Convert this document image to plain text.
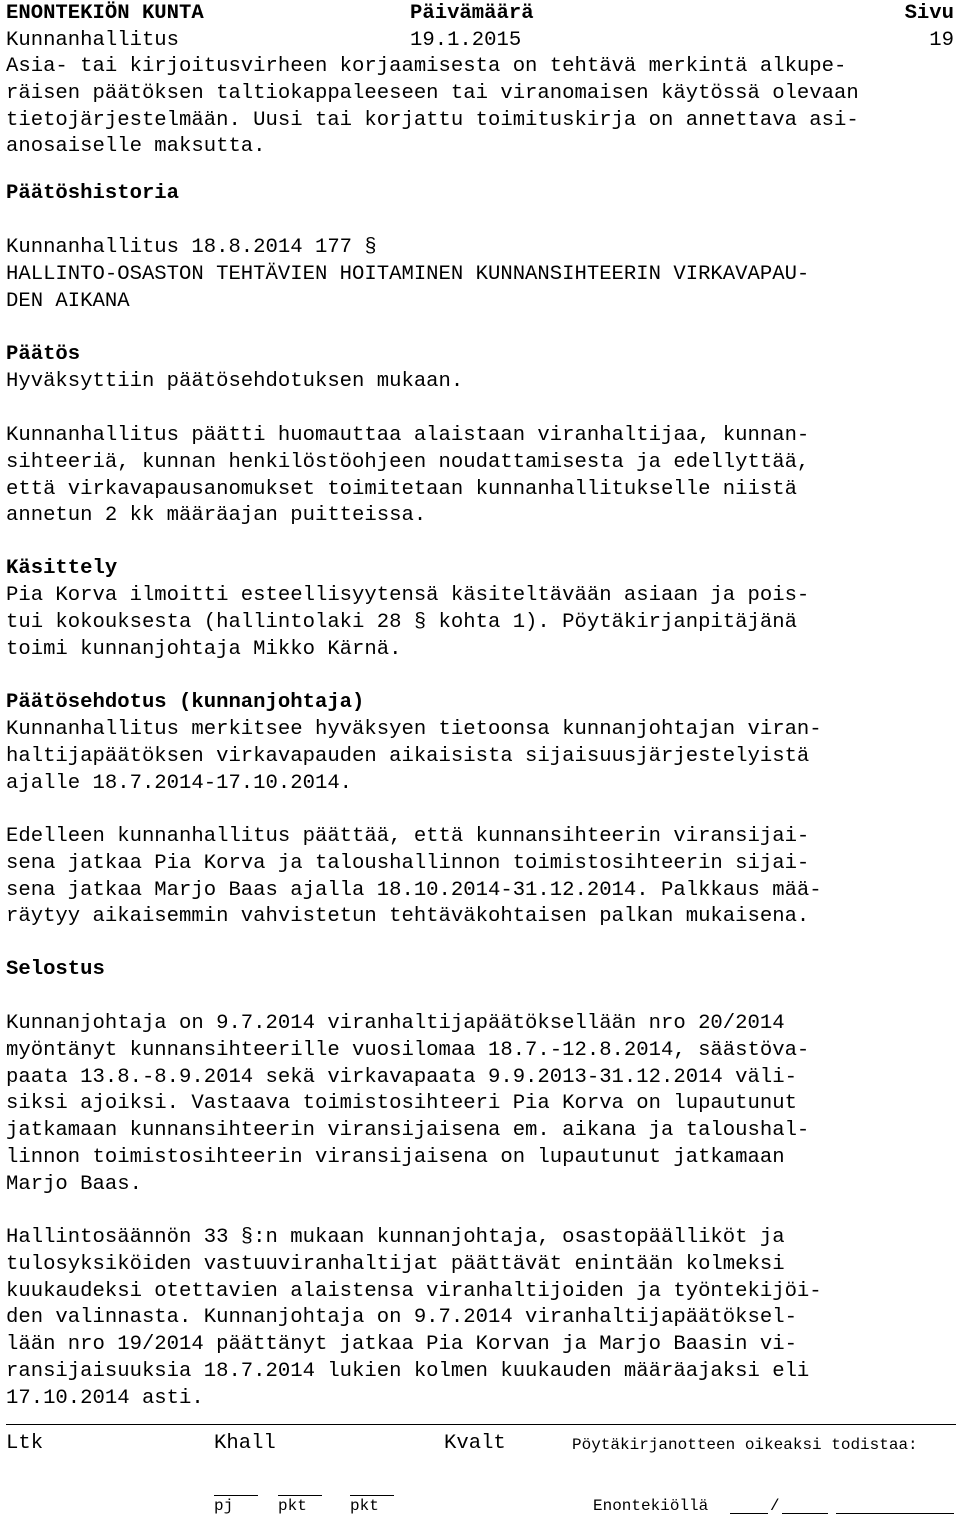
ENONTEKIÖN KUNTA	Päivämäärä	Sivu
Kunnanhallitus	19.1.2015	19
Asia- tai kirjoitusvirheen korjaamisesta on tehtävä merkintä alkupe-
räisen päätöksen taltiokappaleeseen tai viranomaisen käytössä olevaan
tietojärjestelmään. Uusi tai korjattu toimituskirja on annettava asi-
anosaiselle maksutta.
Päätöshistoria
Kunnanhallitus 18.8.2014 177 §
HALLINTO-OSASTON TEHTÄVIEN HOITAMINEN KUNNANSIHTEERIN VIRKAVAPAU-
DEN AIKANA
Päätös
Hyväksyttiin päätösehdotuksen mukaan.
Kunnanhallitus päätti huomauttaa alaistaan viranhaltijaa, kunnan-
sihteeriä, kunnan henkilöstöohjeen noudattamisesta ja edellyttää,
että virkavapausanomukset toimitetaan kunnanhallitukselle niistä
annetun 2 kk määräajan puitteissa.
Käsittely
Pia Korva ilmoitti esteellisyytensä käsiteltävään asiaan ja pois-
tui kokouksesta (hallintolaki 28 § kohta 1). Pöytäkirjanpitäjänä
toimi kunnanjohtaja Mikko Kärnä.
Päätösehdotus (kunnanjohtaja)
Kunnanhallitus merkitsee hyväksyen tietoonsa kunnanjohtajan viran-
haltijapäätöksen virkavapauden aikaisista sijaisuusjärjestelyistä
ajalle 18.7.2014-17.10.2014.
Edelleen kunnanhallitus päättää, että kunnansihteerin viransijai-
sena jatkaa Pia Korva ja taloushallinnon toimistosihteerin sijai-
sena jatkaa Marjo Baas ajalla 18.10.2014-31.12.2014. Palkkaus mää-
räytyy aikaisemmin vahvistetun tehtäväkohtaisen palkan mukaisena.
Selostus
Kunnanjohtaja on 9.7.2014 viranhaltijapäätöksellään nro 20/2014
myöntänyt kunnansihteerille vuosilomaa 18.7.-12.8.2014, säästöva-
paata 13.8.-8.9.2014 sekä virkavapaata 9.9.2013-31.12.2014 väli-
siksi ajoiksi. Vastaava toimistosihteeri Pia Korva on lupautunut
jatkamaan kunnansihteerin viransijaisena em. aikana ja taloushal-
linnon toimistosihteerin viransijaisena on lupautunut jatkamaan
Marjo Baas.
Hallintosäännön 33 §:n mukaan kunnanjohtaja, osastopäälliköt ja
tulosyksiköiden vastuuviranhaltijat päättävät enintään kolmeksi
kuukaudeksi otettavien alaistensa viranhaltijoiden ja työntekijöi-
den valinnasta. Kunnanjohtaja on 9.7.2014 viranhaltijapäätöksel-
lään nro 19/2014 päättänyt jatkaa Pia Korvan ja Marjo Baasin vi-
ransijaisuuksia 18.7.2014 lukien kolmen kuukauden määräajaksi eli
17.10.2014 asti.
Ltk	Khall	Kvalt	Pöytäkirjanotteen oikeaksi todistaa:
pj	pkt	pkt	Enontekiöllä	/
